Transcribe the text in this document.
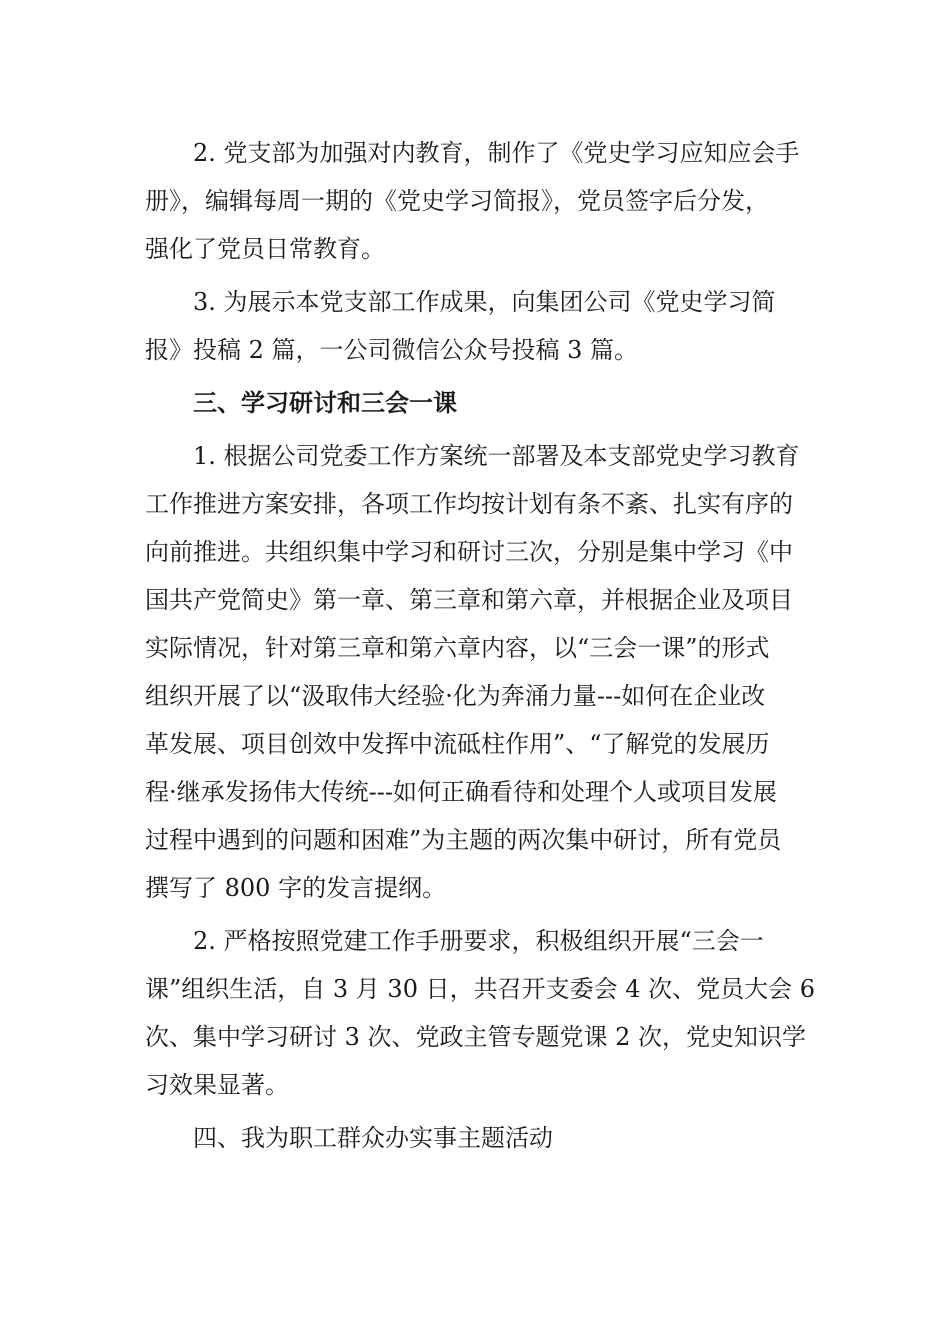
　　2. 党支部为加强对内教育，制作了《党史学习应知应会手
册》，编辑每周一期的《党史学习简报》，党员签字后分发，
强化了党员日常教育。
　　3. 为展示本党支部工作成果，向集团公司《党史学习简
报》投稿 2 篇，一公司微信公众号投稿 3 篇。
　　三、学习研讨和三会一课
　　1. 根据公司党委工作方案统一部署及本支部党史学习教育
工作推进方案安排，各项工作均按计划有条不紊、扎实有序的
向前推进。共组织集中学习和研讨三次，分别是集中学习《中
国共产党简史》第一章、第三章和第六章，并根据企业及项目
实际情况，针对第三章和第六章内容，以“三会一课”的形式
组织开展了以“汲取伟大经验·化为奔涌力量---如何在企业改
革发展、项目创效中发挥中流砥柱作用”、“了解党的发展历
程·继承发扬伟大传统---如何正确看待和处理个人或项目发展
过程中遇到的问题和困难”为主题的两次集中研讨，所有党员
撰写了 800 字的发言提纲。
　　2. 严格按照党建工作手册要求，积极组织开展“三会一
课”组织生活，自 3 月 30 日，共召开支委会 4 次、党员大会 6
次、集中学习研讨 3 次、党政主管专题党课 2 次，党史知识学
习效果显著。
　　四、我为职工群众办实事主题活动
